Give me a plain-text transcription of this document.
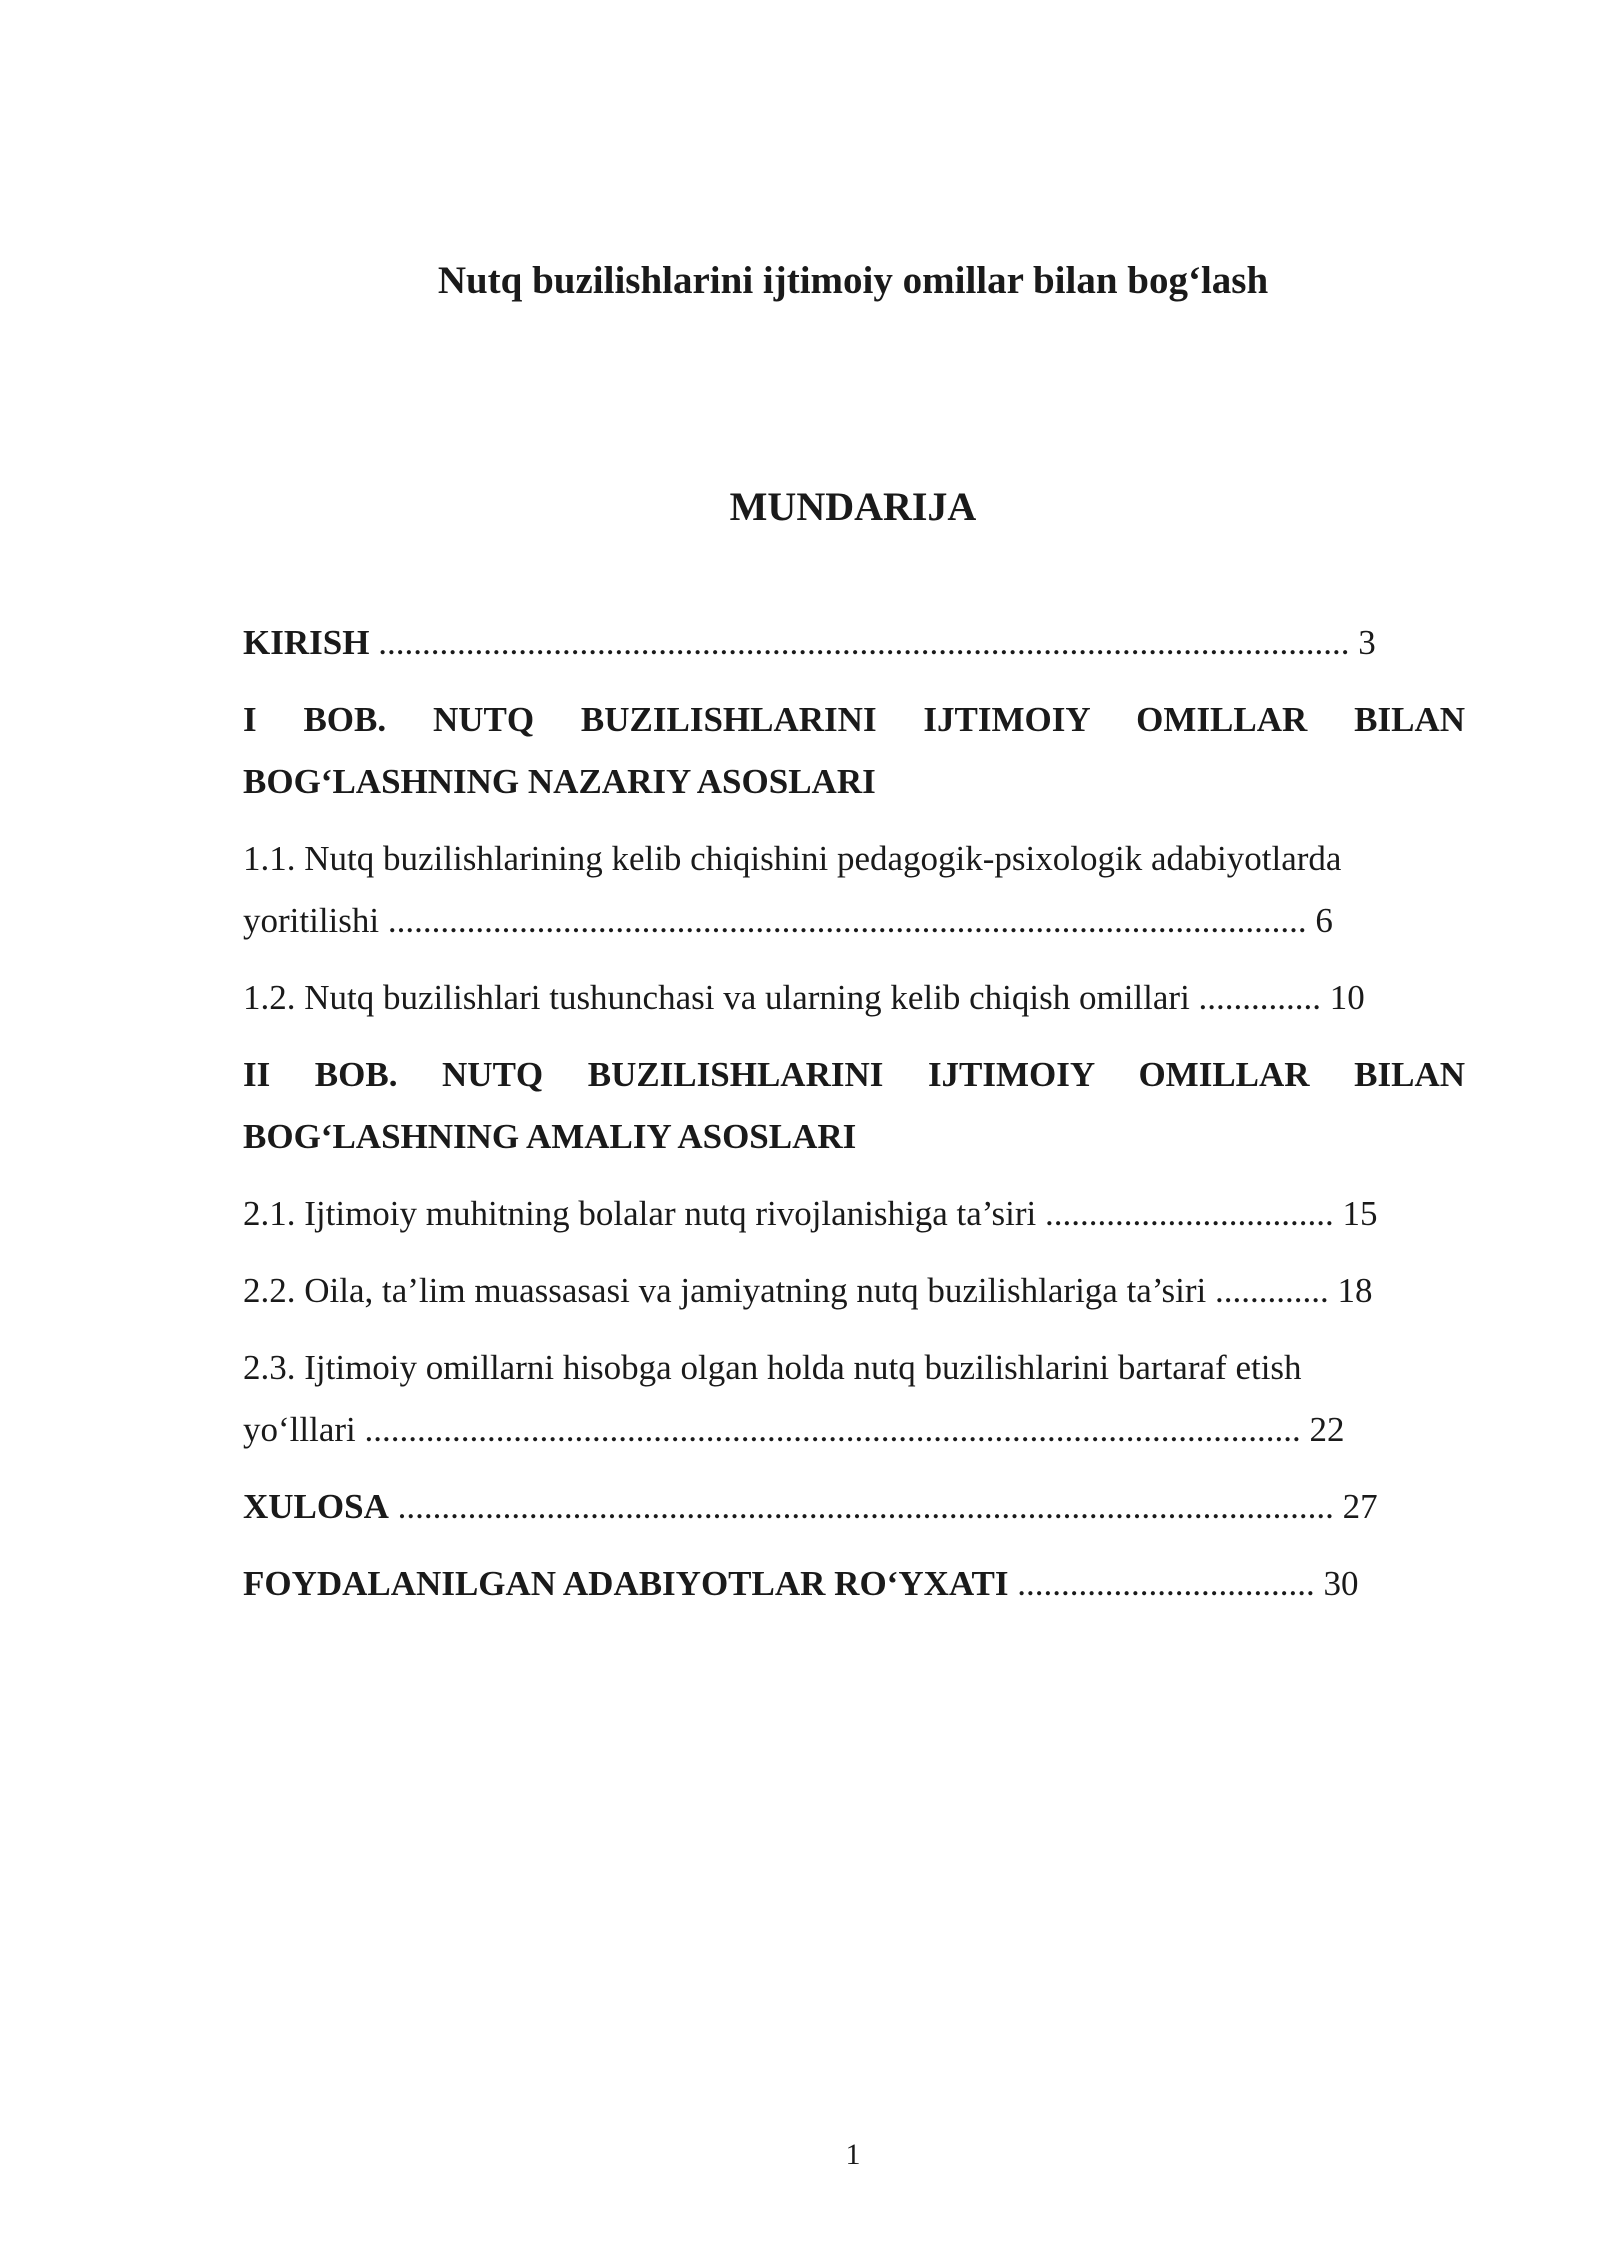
Nutq buzilishlarini ijtimoiy omillar bilan bog‘lash
MUNDARIJA
KIRISH ............................................................................................................... 3
I BOB. NUTQ BUZILISHLARINI IJTIMOIY OMILLAR BILAN BOG‘LASHNING NAZARIY ASOSLARI
1.1. Nutq buzilishlarining kelib chiqishini pedagogik-psixologik adabiyotlarda
yoritilishi ......................................................................................................... 6
1.2. Nutq buzilishlari tushunchasi va ularning kelib chiqish omillari .............. 10
II BOB. NUTQ BUZILISHLARINI IJTIMOIY OMILLAR BILAN BOG‘LASHNING AMALIY ASOSLARI
2.1. Ijtimoiy muhitning bolalar nutq rivojlanishiga ta’siri ................................. 15
2.2. Oila, ta’lim muassasasi va jamiyatning nutq buzilishlariga ta’siri ............. 18
2.3. Ijtimoiy omillarni hisobga olgan holda nutq buzilishlarini bartaraf etish
yo‘lllari ........................................................................................................... 22
XULOSA ........................................................................................................... 27
FOYDALANILGAN ADABIYOTLAR RO‘YXATI .................................. 30
1
